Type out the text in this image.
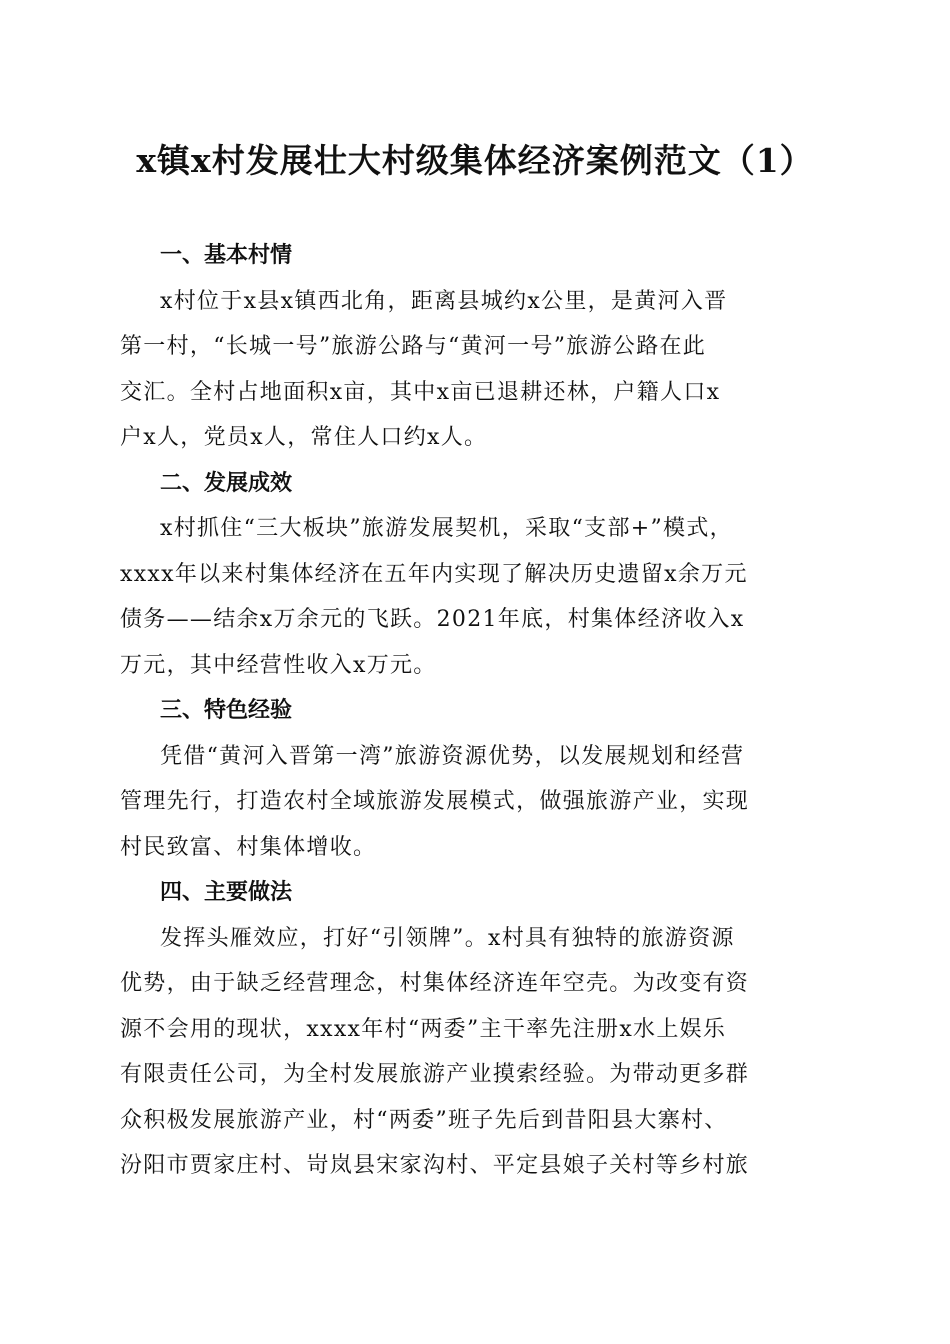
x镇x村发展壮大村级集体经济案例范文（1）
一、基本村情

x村位于x县x镇西北角，距离县城约x公里，是黄河入晋
第一村，“长城一号”旅游公路与“黄河一号”旅游公路在此
交汇。全村占地面积x亩，其中x亩已退耕还林，户籍人口x
户x人，党员x人，常住人口约x人。

二、发展成效

x村抓住“三大板块”旅游发展契机，采取“支部+”模式，
xxxx年以来村集体经济在五年内实现了解决历史遗留x余万元
债务——结余x万余元的飞跃。2021年底，村集体经济收入x
万元，其中经营性收入x万元。

三、特色经验

凭借“黄河入晋第一湾”旅游资源优势，以发展规划和经营
管理先行，打造农村全域旅游发展模式，做强旅游产业，实现
村民致富、村集体增收。

四、主要做法

发挥头雁效应，打好“引领牌”。x村具有独特的旅游资源
优势，由于缺乏经营理念，村集体经济连年空壳。为改变有资
源不会用的现状，xxxx年村“两委”主干率先注册x水上娱乐
有限责任公司，为全村发展旅游产业摸索经验。为带动更多群
众积极发展旅游产业，村“两委”班子先后到昔阳县大寨村、
汾阳市贾家庄村、岢岚县宋家沟村、平定县娘子关村等乡村旅
